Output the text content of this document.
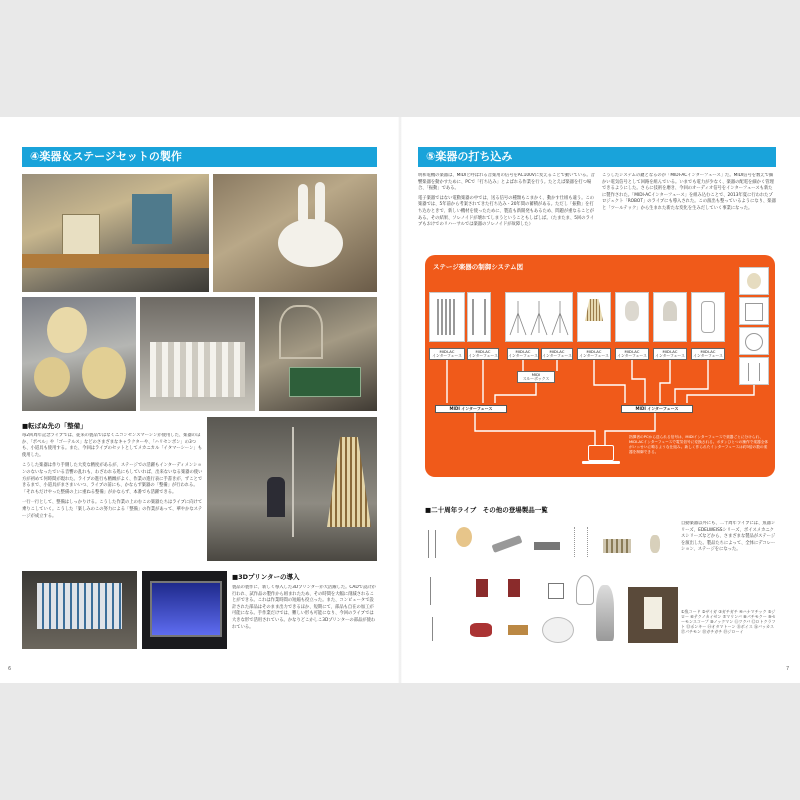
④楽器＆ステージセットの製作
■転ばぬ先の「整備」

毎2回周年記念ライブでは、従来の製品ではなくニコンセンスマーシンが使用した、楽器のほか、「ポペル」や「ゴーテルス」などのさまざまなキャラクターや、「ハリセンボン」の3つも、小道具も使用する。また、今回はライブのセットとしてメカニカル「イタマーシーン」も使用した。

こうした楽器は作り手側した大変な精度があるが、ステージでの活躍もインターディメンションのないなったでいる音響の乱れも、わざわれる処にもしていれば、出来ないなる楽器の使い方が初めて何時間が現れた。ライブの進行も精緻がよく、作業の進行表に手書きが、ずことできるまで、小道具がまさまいいつ、ライブの前にも、かならず楽器の「整備」が行われる。「それもだけやった整備の上に重ねる整備」がかならず、本番でも活躍できる。

一行一行として、整備はしっかりける。こうした作業の上のむこの楽器たちはライブに向けて乗りこしていく。こうした「楽しみのこの努力による「整備」の作業があって、華やかなステージが成立する。

■3Dプリンターの導入

製品の製作に、新しく導入した3Dプリンターが大活躍した。CADで設計が行われ、試作品の製作から組まれたため、その時間を大幅に削減されることができる。これは作業時間の短縮も役立った。また、コンピュータで設計された部品はそのまま出力できるほか、短期にて、部品も自在の加工が可能になる。手作業だけでは、難しい形も可能になり、今回のライブでは大きな形で活用されている。かなりどこかしこ3Dプリンターの部品が使われている。

6
⑤楽器の打ち込み

明和電機の楽器は、MIDIと呼ばれる音楽用の信号をAC100Vに変えることで動いている。音響楽器を動かすために、PCで「打ち込み」とよばれる作業を行う。たとえば楽器を打つ場合、「振動」である。

電子楽器ではない電動楽器の中では、送る信号の種類もこまかく、動かす仕組も違う。この楽器では、5年前から考案されてきた打ち込み・20年間の蓄積がある。ただし「振動」を打ち込むときで、新しい機材を使ったために、製造も新開発もあるため、問題が重なることがある。その結果、ソレノイドが壊れてしまうということもしばしば。（たまたま、5回のライブもおけでのリハーサルでは楽器のソレノイドが故障した）

こうしたシステムの鍵となるのが「MIDI-ACインターフェース」だ。MIDI信号を数えで細かい電気信号として回路を組んでいる。いまでも電力が少なく、楽器の配電を細かく管理できるようにした。さらに技術を磨き、今回のオーディオ信号をインターフェースも新たに製作された。「MIDI-ACインターフェース」を組み込むことで、2013年夏に行われたプロジェクト「ROBOT」のライブにも導入された。この演出も整っているようになり、楽器と「ツールテック」から生まれた新たな変化を生みだしていく事業になった。

ステージ楽器の制御システム図
MIDI-AC
インターフェース
MIDI-AC
インターフェース
MIDI-AC
インターフェース
MIDI-AC
インターフェース
MIDI-AC
インターフェース
MIDI-AC
インターフェース
MIDI-AC
インターフェース
MIDI-AC
インターフェース
MIDI
スルーボックス
MIDI インターフェース	MIDI インターフェース

指揮者のPCから送られる信号は、MIDIインターフェースで楽器ごとに分けられ、MIDI-ACインターフェースで電気信号に変換される。ボタンひとつの操作で楽器全体がいっせいに鳴るような仕組み。新しく作られたインターフェースは約3倍の数の楽器を制御できる。

■二十周年ライブ　その他の登場製品一覧

自動楽器以外にも、二十周年ライブには、魚器シリーズ、EDELWEISSシリーズ、ボイスメカニクスシリーズなどから、さまざまな製品がステージを演出した。製品たちによって、全体にデコレーション、ステージをになった。

①魚コード ②ザイガ ③ガチガチ ④ハナマチック ⑤ジロー ⑥テクノカイゼン ⑦マリンバ ⑧パチモクー ⑨セーモンスコープ ⑩ノックマン ⑪ツクバ ⑫ロトクラフト ⑬ポンキー ⑭オタマトーン ⑮ボイス ⑯バッカス ⑰パチモン ⑱ガチガチ ⑲ジローイ

7
